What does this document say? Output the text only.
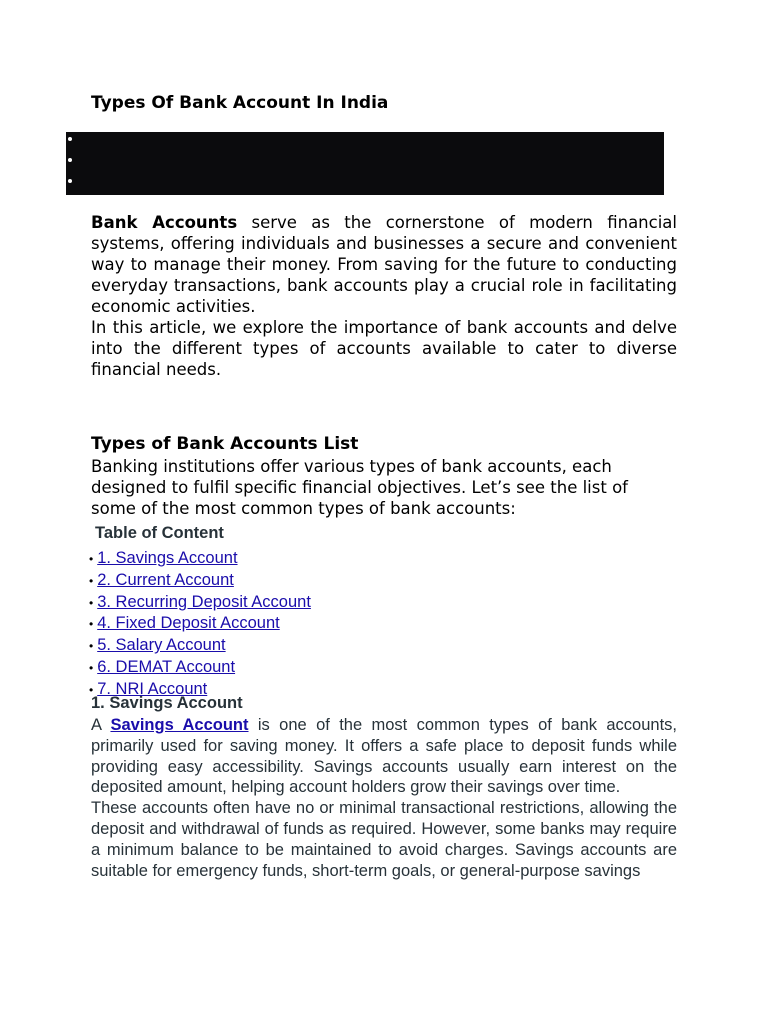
Types Of Bank Account In India

Bank Accounts serve as the cornerstone of modern financial systems, offering individuals and businesses a secure and convenient way to manage their money. From saving for the future to conducting everyday transactions, bank accounts play a crucial role in facilitating economic activities.

In this article, we explore the importance of bank accounts and delve into the different types of accounts available to cater to diverse financial needs.

Types of Bank Accounts List

Banking institutions offer various types of bank accounts, each designed to fulfil specific financial objectives. Let’s see the list of some of the most common types of bank accounts:

Table of Content
• 1. Savings Account
• 2. Current Account
• 3. Recurring Deposit Account
• 4. Fixed Deposit Account
• 5. Salary Account
• 6. DEMAT Account
• 7. NRI Account
1. Savings Account

A Savings Account is one of the most common types of bank accounts, primarily used for saving money. It offers a safe place to deposit funds while providing easy accessibility. Savings accounts usually earn interest on the deposited amount, helping account holders grow their savings over time.

These accounts often have no or minimal transactional restrictions, allowing the deposit and withdrawal of funds as required. However, some banks may require a minimum balance to be maintained to avoid charges. Savings accounts are suitable for emergency funds, short-term goals, or general-purpose savings
